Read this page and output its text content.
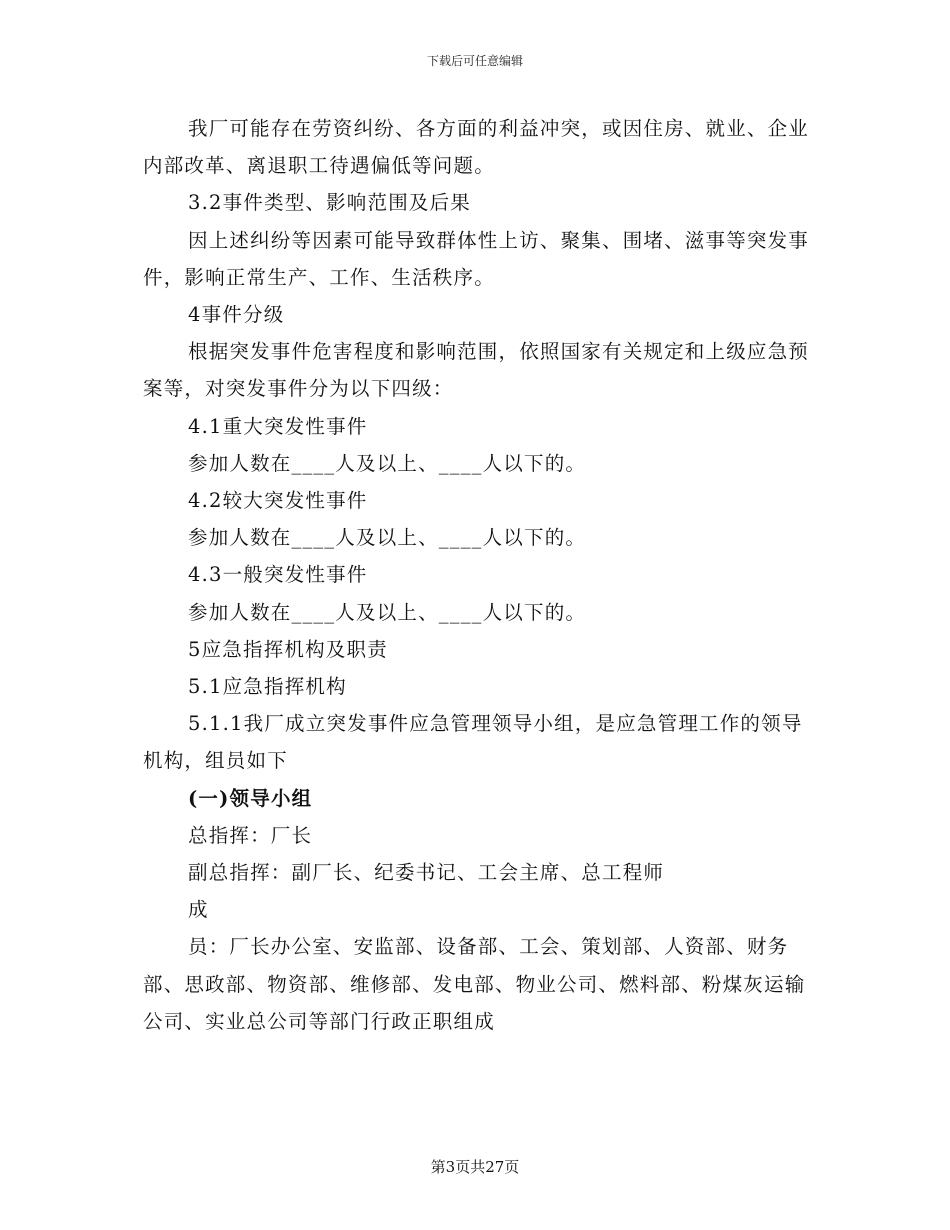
下载后可任意编辑

我厂可能存在劳资纠纷、各方面的利益冲突，或因住房、就业、企业内部改革、离退职工待遇偏低等问题。

3.2事件类型、影响范围及后果

因上述纠纷等因素可能导致群体性上访、聚集、围堵、滋事等突发事件，影响正常生产、工作、生活秩序。

4事件分级

根据突发事件危害程度和影响范围，依照国家有关规定和上级应急预案等，对突发事件分为以下四级：

4.1重大突发性事件

参加人数在____人及以上、____人以下的。

4.2较大突发性事件

参加人数在____人及以上、____人以下的。

4.3一般突发性事件

参加人数在____人及以上、____人以下的。

5应急指挥机构及职责

5.1应急指挥机构

5.1.1我厂成立突发事件应急管理领导小组，是应急管理工作的领导机构，组员如下

(一)领导小组

总指挥：厂长

副总指挥：副厂长、纪委书记、工会主席、总工程师

成

员：厂长办公室、安监部、设备部、工会、策划部、人资部、财务部、思政部、物资部、维修部、发电部、物业公司、燃料部、粉煤灰运输公司、实业总公司等部门行政正职组成

第3页共27页
